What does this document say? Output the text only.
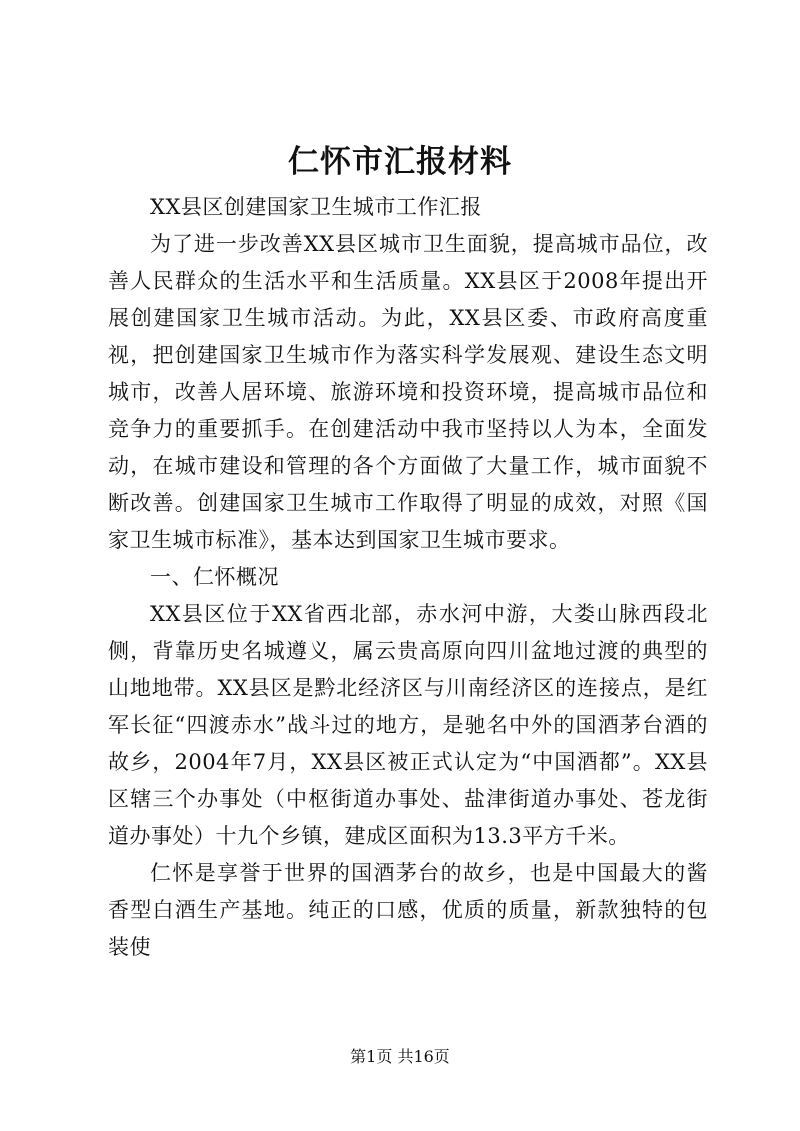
仁怀市汇报材料

XX县区创建国家卫生城市工作汇报

为了进一步改善XX县区城市卫生面貌，提高城市品位，改善人民群众的生活水平和生活质量。XX县区于2008年提出开展创建国家卫生城市活动。为此，XX县区委、市政府高度重视，把创建国家卫生城市作为落实科学发展观、建设生态文明城市，改善人居环境、旅游环境和投资环境，提高城市品位和竞争力的重要抓手。在创建活动中我市坚持以人为本，全面发动，在城市建设和管理的各个方面做了大量工作，城市面貌不断改善。创建国家卫生城市工作取得了明显的成效，对照《国家卫生城市标准》，基本达到国家卫生城市要求。

一、仁怀概况

XX县区位于XX省西北部，赤水河中游，大娄山脉西段北侧，背靠历史名城遵义，属云贵高原向四川盆地过渡的典型的山地地带。XX县区是黔北经济区与川南经济区的连接点，是红军长征“四渡赤水”战斗过的地方，是驰名中外的国酒茅台酒的故乡，2004年7月，XX县区被正式认定为“中国酒都”。XX县区辖三个办事处（中枢街道办事处、盐津街道办事处、苍龙街道办事处）十九个乡镇，建成区面积为13.3平方千米。

仁怀是享誉于世界的国酒茅台的故乡，也是中国最大的酱香型白酒生产基地。纯正的口感，优质的质量，新款独特的包装使

第1页 共16页
